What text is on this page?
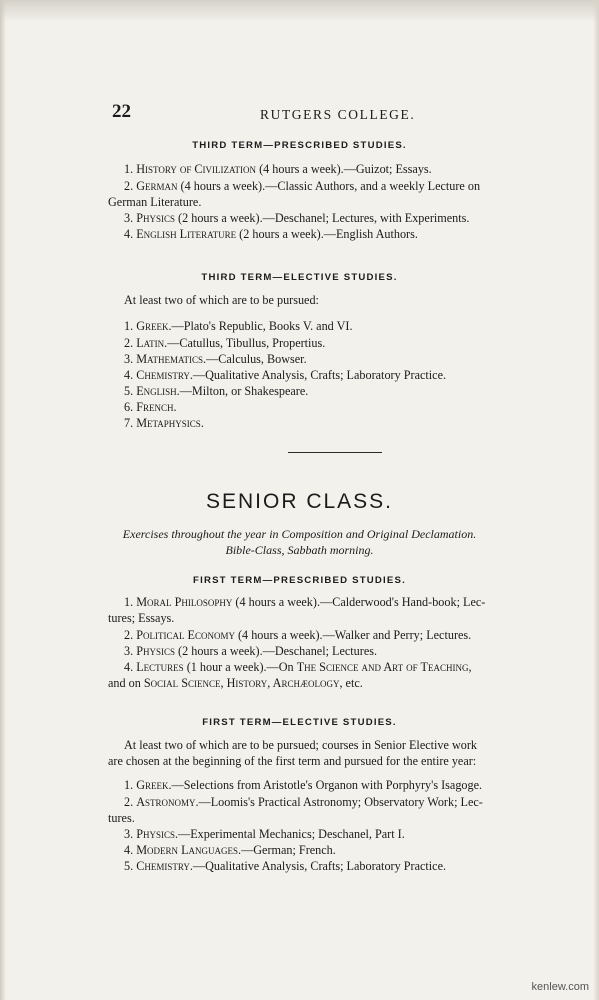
22	RUTGERS COLLEGE.
THIRD TERM—PRESCRIBED STUDIES.
1. History of Civilization (4 hours a week).—Guizot; Essays.
2. German (4 hours a week).—Classic Authors, and a weekly Lecture on
German Literature.
3. Physics (2 hours a week).—Deschanel; Lectures, with Experiments.
4. English Literature (2 hours a week).—English Authors.
THIRD TERM—ELECTIVE STUDIES.
At least two of which are to be pursued:
1. Greek.—Plato's Republic, Books V. and VI.
2. Latin.—Catullus, Tibullus, Propertius.
3. Mathematics.—Calculus, Bowser.
4. Chemistry.—Qualitative Analysis, Crafts; Laboratory Practice.
5. English.—Milton, or Shakespeare.
6. French.
7. Metaphysics.
SENIOR CLASS.
Exercises throughout the year in Composition and Original Declamation.
Bible-Class, Sabbath morning.
FIRST TERM—PRESCRIBED STUDIES.
1. Moral Philosophy (4 hours a week).—Calderwood's Hand-book; Lec-
tures; Essays.
2. Political Economy (4 hours a week).—Walker and Perry; Lectures.
3. Physics (2 hours a week).—Deschanel; Lectures.
4. Lectures (1 hour a week).—On The Science and Art of Teaching,
and on Social Science, History, Archæology, etc.
FIRST TERM—ELECTIVE STUDIES.
At least two of which are to be pursued; courses in Senior Elective work
are chosen at the beginning of the first term and pursued for the entire year:
1. Greek.—Selections from Aristotle's Organon with Porphyry's Isagoge.
2. Astronomy.—Loomis's Practical Astronomy; Observatory Work; Lec-
tures.
3. Physics.—Experimental Mechanics; Deschanel, Part I.
4. Modern Languages.—German; French.
5. Chemistry.—Qualitative Analysis, Crafts; Laboratory Practice.
kenlew.com
